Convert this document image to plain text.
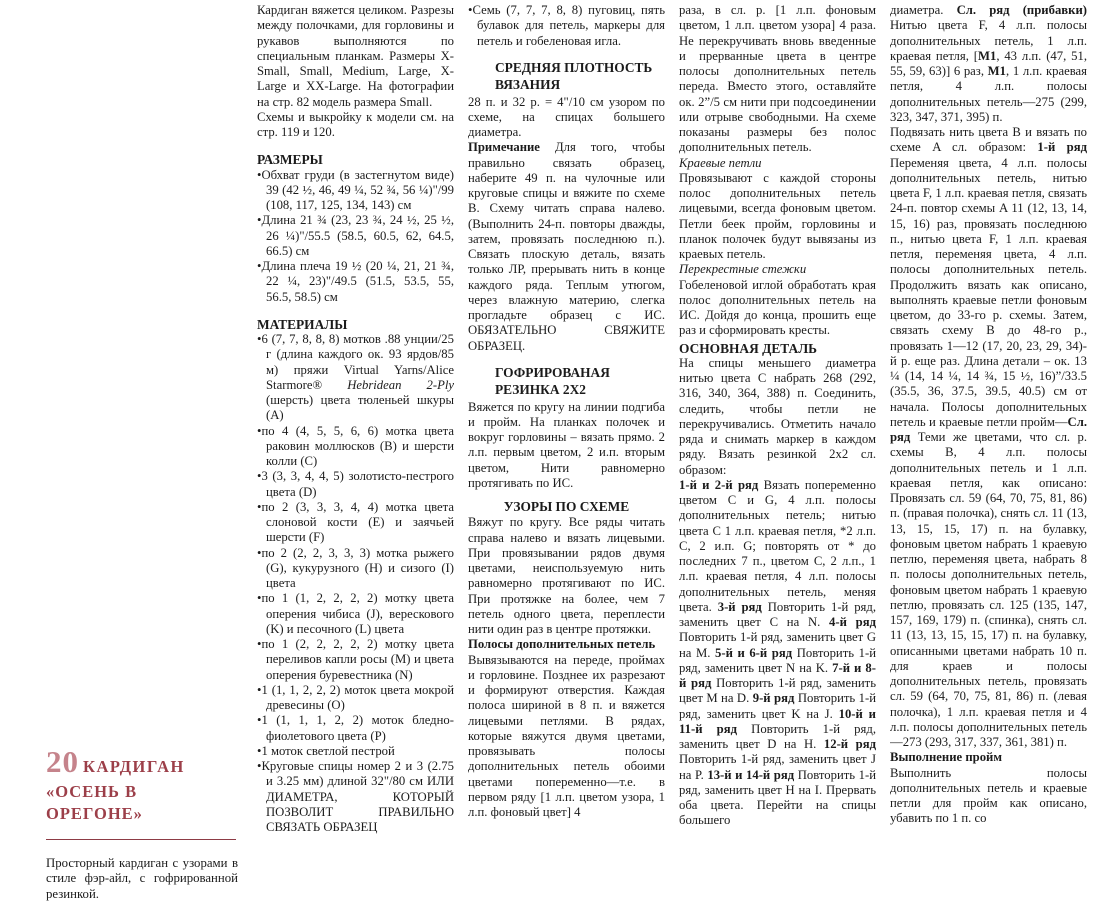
20 КАРДИГАН
«ОСЕНЬ В ОРЕГОНЕ»

Просторный кардиган с узорами в стиле фэр-айл, с гофрированной резинкой.

Кардиган вяжется целиком. Разрезы между полочками, для горловины и рукавов выполняются по специальным планкам. Размеры X-Small, Small, Medium, Large, X-Large и XX-Large. На фотографии на стр. 82 модель размера Small.
Схемы и выкройку к модели см. на стр. 119 и 120.
РАЗМЕРЫ
•Обхват груди (в застегнутом виде) 39 (42 ½, 46, 49 ¼, 52 ¾, 56 ¼)"/99 (108, 117, 125, 134, 143) см
•Длина 21 ¾ (23, 23 ¾, 24 ½, 25 ½, 26 ¼)"/55.5 (58.5, 60.5, 62, 64.5, 66.5) см
•Длина плеча 19 ½ (20 ¼, 21, 21 ¾, 22 ¼, 23)"/49.5 (51.5, 53.5, 55, 56.5, 58.5) см
МАТЕРИАЛЫ
•6 (7, 7, 8, 8, 8) мотков .88 унции/25 г (длина каждого ок. 93 ярдов/85 м) пряжи Virtual Yarns/Alice Starmore® Hebridean 2-Ply (шерсть) цвета тюленьей шкуры (A)
•по 4 (4, 5, 5, 6, 6) мотка цвета раковин моллюсков (B) и шерсти колли (C)
•3 (3, 3, 4, 4, 5) золотисто-пестрого цвета (D)
•по 2 (3, 3, 3, 4, 4) мотка цвета слоновой кости (E) и заячьей шерсти (F)
•по 2 (2, 2, 3, 3, 3) мотка рыжего (G), кукурузного (H) и сизого (I) цвета
•по 1 (1, 2, 2, 2, 2) мотку цвета оперения чибиса (J), верескового (K) и песочного (L) цвета
•по 1 (2, 2, 2, 2, 2) мотку цвета переливов капли росы (M) и цвета оперения буревестника (N)
•1 (1, 1, 2, 2, 2) моток цвета мокрой древесины (O)
•1 (1, 1, 1, 2, 2) моток бледно-фиолетового цвета (P)
•1 моток светлой пестрой
•Круговые спицы номер 2 и 3 (2.75 и 3.25 мм) длиной 32"/80 см ИЛИ ДИАМЕТРА, КОТОРЫЙ ПОЗВОЛИТ ПРАВИЛЬНО СВЯЗАТЬ ОБРАЗЕЦ
•Семь (7, 7, 7, 8, 8) пуговиц, пять булавок для петель, маркеры для петель и гобеленовая игла.
СРЕДНЯЯ ПЛОТНОСТЬ ВЯЗАНИЯ
28 п. и 32 р. = 4"/10 см узором по схеме, на спицах большего диаметра.
Примечание Для того, чтобы правильно связать образец, наберите 49 п. на чулочные или круговые спицы и вяжите по схеме B. Схему читать справа налево.(Выполнить 24-п. повторы дважды, затем, провязать последнюю п.). Связать плоскую деталь, вязать только ЛР, прерывать нить в конце каждого ряда. Теплым утюгом, через влажную материю, слегка прогладьте образец с ИС. ОБЯЗАТЕЛЬНО СВЯЖИТЕ ОБРАЗЕЦ.
ГОФРИРОВАНАЯ РЕЗИНКА 2X2
Вяжется по кругу на линии подгиба и пройм. На планках полочек и вокруг горловины – вязать прямо. 2 л.п. первым цветом, 2 и.п. вторым цветом, Нити равномерно протягивать по ИС.
УЗОРЫ ПО СХЕМЕ
Вяжут по кругу. Все ряды читать справа налево и вязать лицевыми. При провязывании рядов двумя цветами, неиспользуемую нить равномерно протягивают по ИС. При протяжке на более, чем 7 петель одного цвета, переплести нити один раз в центре протяжки.
Полосы дополнительных петель
Вывязываются на переде, проймах и горловине. Позднее их разрезают и формируют отверстия. Каждая полоса шириной в 8 п. и вяжется лицевыми петлями. В рядах, которые вяжутся двумя цветами, провязывать полосы дополнительных петель обоими цветами попеременно—т.е. в первом ряду [1 л.п. цветом узора, 1 л.п. фоновый цвет] 4
раза, в сл. р. [1 л.п. фоновым цветом, 1 л.п. цветом узора] 4 раза. Не перекручивать вновь введенные и прерванные цвета в центре полосы дополнительных петель переда. Вместо этого, оставляйте ок. 2”/5 см нити при подсоединении или отрыве свободными. На схеме показаны размеры без полос дополнительных петель.
Краевые петли
Провязывают с каждой стороны полос дополнительных петель лицевыми, всегда фоновым цветом. Петли беек пройм, горловины и планок полочек будут вывязаны из краевых петель.
Перекрестные стежки
Гобеленовой иглой обработать края полос дополнительных петель на ИС. Дойдя до конца, прошить еще раз и сформировать кресты.
ОСНОВНАЯ ДЕТАЛЬ
На спицы меньшего диаметра нитью цвета C набрать 268 (292, 316, 340, 364, 388) п. Соединить, следить, чтобы петли не перекручивались. Отметить начало ряда и снимать маркер в каждом ряду. Вязать резинкой 2х2 сл. образом:
1-й и 2-й ряд Вязать попеременно цветом C и G, 4 л.п. полосы дополнительных петель; нитью цвета C 1 л.п. краевая петля, *2 л.п. C, 2 и.п. G; повторять от * до последних 7 п., цветом C, 2 л.п., 1 л.п. краевая петля, 4 л.п. полосы дополнительных петель, меняя цвета. 3-й ряд Повторить 1-й ряд, заменить цвет C на N. 4-й ряд Повторить 1-й ряд, заменить цвет G на M. 5-й и 6-й ряд Повторить 1-й ряд, заменить цвет N на K. 7-й и 8-й ряд Повторить 1-й ряд, заменить цвет M на D. 9-й ряд Повторить 1-й ряд, заменить цвет K на J. 10-й и 11-й ряд Повторить 1-й ряд, заменить цвет D на H. 12-й ряд Повторить 1-й ряд, заменить цвет J на P. 13-й и 14-й ряд Повторить 1-й ряд, заменить цвет H на I. Прервать оба цвета. Перейти на спицы большего
диаметра. Сл. ряд (прибавки) Нитью цвета F, 4 л.п. полосы дополнительных петель, 1 л.п. краевая петля, [M1, 43 л.п. (47, 51, 55, 59, 63)] 6 раз, M1, 1 л.п. краевая петля, 4 л.п. полосы дополнительных петель—275 (299, 323, 347, 371, 395) п.
Подвязать нить цвета B и вязать по схеме A сл. образом: 1-й ряд Переменяя цвета, 4 л.п. полосы дополнительных петель, нитью цвета F, 1 л.п. краевая петля, связать 24-п. повтор схемы A 11 (12, 13, 14, 15, 16) раз, провязать последнюю п., нитью цвета F, 1 л.п. краевая петля, переменяя цвета, 4 л.п. полосы дополнительных петель. Продолжить вязать как описано, выполнять краевые петли фоновым цветом, до 33-го р. схемы. Затем, связать схему B до 48-го р., провязать 1—12 (17, 20, 23, 29, 34)-й р. еще раз. Длина детали – ок. 13 ¼ (14, 14 ¼, 14 ¾, 15 ½, 16)”/33.5 (35.5, 36, 37.5, 39.5, 40.5) см от начала. Полосы дополнительных петель и краевые петли пройм—Сл. ряд Теми же цветами, что сл. р. схемы B, 4 л.п. полосы дополнительных петель и 1 л.п. краевая петля, как описано: Провязать сл. 59 (64, 70, 75, 81, 86) п. (правая полочка), снять сл. 11 (13, 13, 15, 15, 17) п. на булавку, фоновым цветом набрать 1 краевую петлю, переменяя цвета, набрать 8 п. полосы дополнительных петель, фоновым цветом набрать 1 краевую петлю, провязать сл. 125 (135, 147, 157, 169, 179) п. (спинка), снять сл. 11 (13, 13, 15, 15, 17) п. на булавку, описанными цветами набрать 10 п. для краев и полосы дополнительных петель, провязать сл. 59 (64, 70, 75, 81, 86) п. (левая полочка), 1 л.п. краевая петля и 4 л.п. полосы дополнительных петель—273 (293, 317, 337, 361, 381) п.
Выполнение пройм
Выполнить полосы дополнительных петель и краевые петли для пройм как описано, убавить по 1 п. со
